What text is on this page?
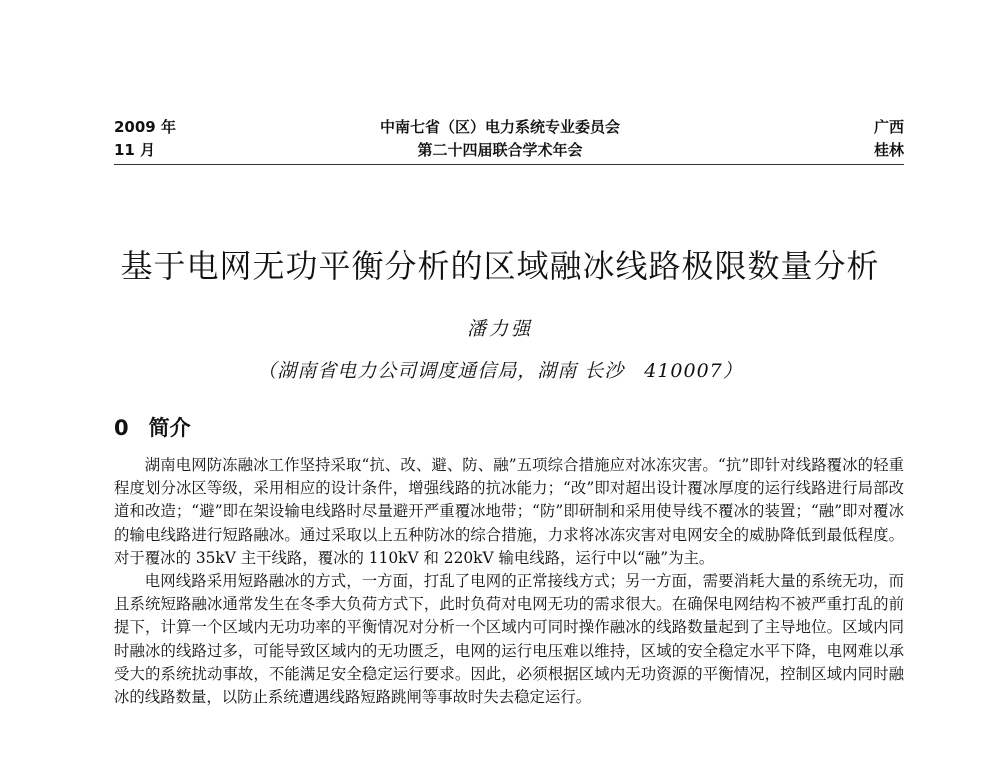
2009 年
11 月
中南七省（区）电力系统专业委员会
第二十四届联合学术年会
广西
桂林
基于电网无功平衡分析的区域融冰线路极限数量分析
潘力强
（湖南省电力公司调度通信局，湖南 长沙　410007）
0 简介

湖南电网防冻融冰工作坚持采取“抗、改、避、防、融”五项综合措施应对冰冻灾害。“抗”即针对线路覆冰的轻重程度划分冰区等级，采用相应的设计条件，增强线路的抗冰能力；“改”即对超出设计覆冰厚度的运行线路进行局部改道和改造；“避”即在架设输电线路时尽量避开严重覆冰地带；“防”即研制和采用使导线不覆冰的装置；“融”即对覆冰的输电线路进行短路融冰。通过采取以上五种防冰的综合措施，力求将冰冻灾害对电网安全的威胁降低到最低程度。对于覆冰的 35kV 主干线路，覆冰的 110kV 和 220kV 输电线路，运行中以“融”为主。

电网线路采用短路融冰的方式，一方面，打乱了电网的正常接线方式；另一方面，需要消耗大量的系统无功，而且系统短路融冰通常发生在冬季大负荷方式下，此时负荷对电网无功的需求很大。在确保电网结构不被严重打乱的前提下，计算一个区域内无功功率的平衡情况对分析一个区域内可同时操作融冰的线路数量起到了主导地位。区域内同时融冰的线路过多，可能导致区域内的无功匮乏，电网的运行电压难以维持，区域的安全稳定水平下降，电网难以承受大的系统扰动事故，不能满足安全稳定运行要求。因此，必须根据区域内无功资源的平衡情况，控制区域内同时融冰的线路数量，以防止系统遭遇线路短路跳闸等事故时失去稳定运行。
